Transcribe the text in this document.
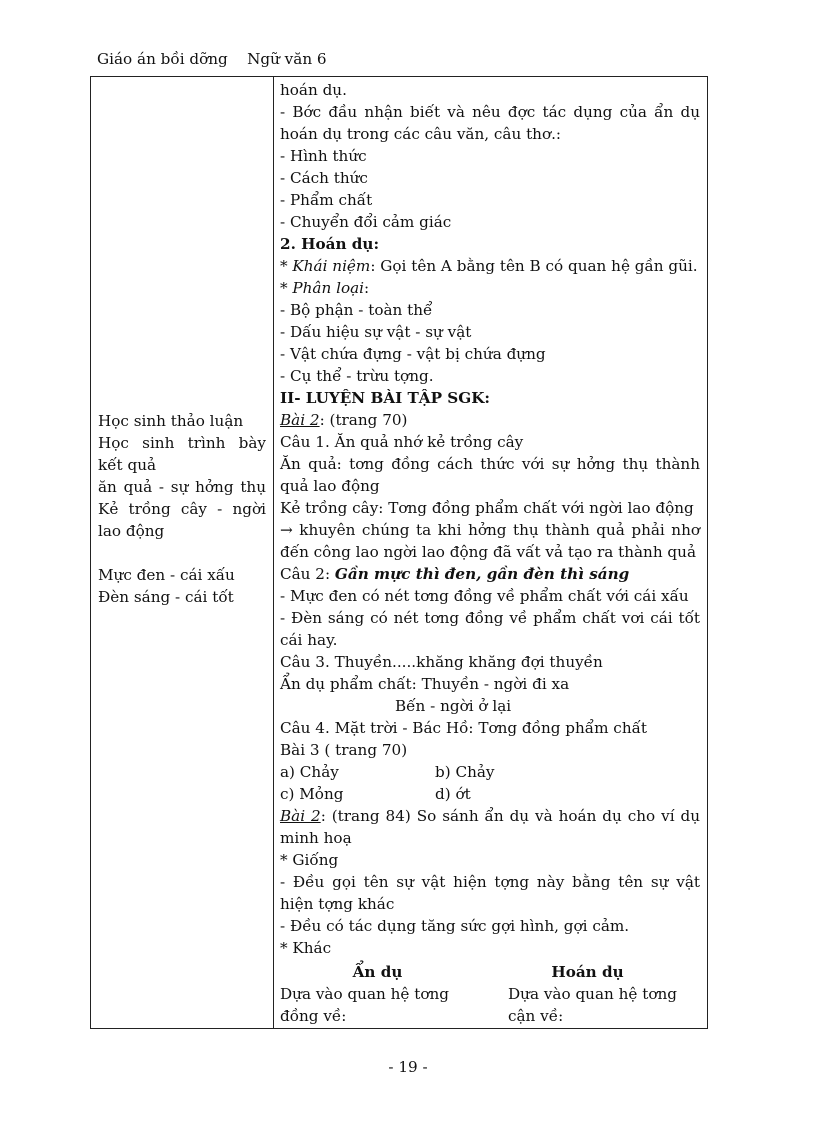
Giáo án bồi dỡng Ngữ văn 6
Học sinh thảo luận
Học sinh trình bày
kết quả
ăn quả - sự hởng thụ
Kẻ trồng cây - ngời
lao động
Mực đen - cái xấu
Đèn sáng - cái tốt
hoán dụ.
- Bớc đầu nhận biết và nêu đợc tác dụng của ẩn dụ
hoán dụ trong các câu văn, câu thơ.:
- Hình thức
- Cách thức
- Phẩm chất
- Chuyển đổi cảm giác
2. Hoán dụ:
* Khái niệm: Gọi tên A bằng tên B có quan hệ gần gũi.
* Phân loại:
- Bộ phận - toàn thể
- Dấu hiệu sự vật - sự vật
- Vật chứa đựng - vật bị chứa đựng
- Cụ thể - trừu tợng.
II- LUYỆN BÀI TẬP SGK:
Bài 2: (trang 70)
Câu 1. Ăn quả nhớ kẻ trồng cây
Ăn quả: tơng đồng cách thức với sự hởng thụ thành
quả lao động
Kẻ trồng cây: Tơng đồng phẩm chất với ngời lao động
→ khuyên chúng ta khi hởng thụ thành quả phải nhơ
đến công lao ngời lao động đã vất vả tạo ra thành quả
Câu 2: Gần mực thì đen, gần đèn thì sáng
- Mực đen có nét tơng đồng về phẩm chất với cái xấu
- Đèn sáng có nét tơng đồng về phẩm chất vơi cái tốt
cái hay.
Câu 3. Thuyền.....khăng khăng đợi thuyền
Ẩn dụ phẩm chất: Thuyền - ngời đi xa
Bến - ngời ở lại
Câu 4. Mặt trời - Bác Hồ: Tơng đồng phẩm chất
Bài 3 ( trang 70)
a) Chảy	b) Chảy
c) Mỏng	d) ớt
Bài 2: (trang 84) So sánh ẩn dụ và hoán dụ cho ví dụ
minh hoạ
* Giống
- Đều gọi tên sự vật hiện tợng này bằng tên sự vật
hiện tợng khác
- Đều có tác dụng tăng sức gợi hình, gợi cảm.
* Khác
Ẩn dụ	Hoán dụ
Dựa vào quan hệ tơng	Dựa vào quan hệ tơng
đồng về:	cận về:
- 19 -
